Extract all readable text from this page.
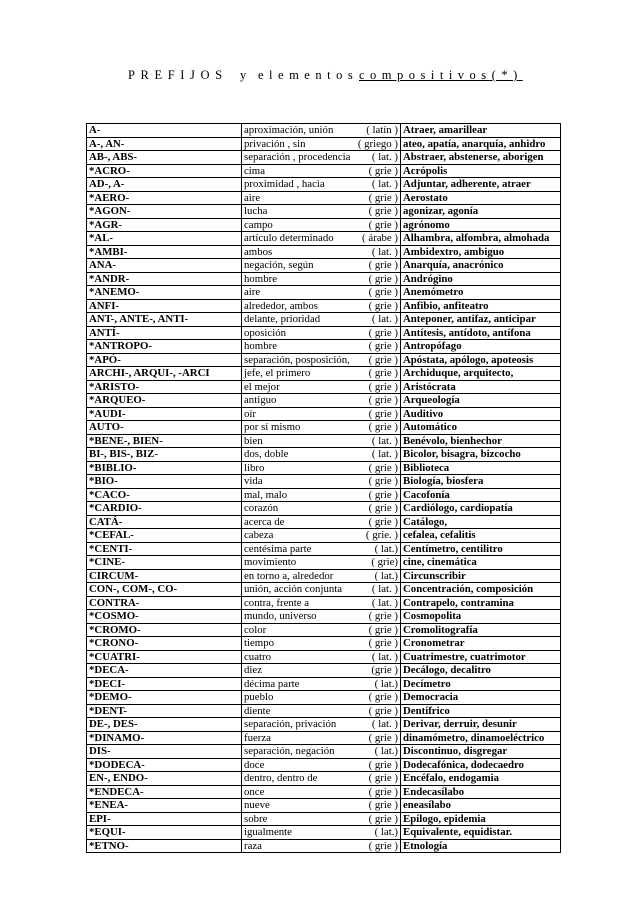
PREFIJOS y elementos compositivos(*)
A-	aproximación, unión ( latín )	Atraer, amarillear
A-, AN-	privación , sin ( griego )	ateo, apatía, anarquía, anhidro
AB-, ABS-	separación , procedencia ( lat. )	Abstraer, abstenerse, aborigen
*ACRO-	cima ( grie )	Acrópolis
AD-, A-	proximidad , hacia ( lat. )	Adjuntar, adherente, atraer
*AERO-	aire ( grie )	Aerostato
*AGON-	lucha ( grie )	agonizar, agonía
*AGR-	campo ( grie )	agrónomo
*AL-	artículo determinado ( árabe )	Alhambra, alfombra, almohada
*AMBI-	ambos ( lat. )	Ambidextro, ambiguo
ANA-	negación, según ( grie )	Anarquía, anacrónico
*ANDR-	hombre ( grie )	Andrógino
*ANEMO-	aire ( grie )	Anemómetro
ANFI-	alrededor, ambos ( grie )	Anfibio, anfiteatro
ANT-, ANTE-, ANTI-	delante, prioridad ( lat. )	Anteponer, antifaz, anticipar
ANTÍ-	oposición ( grie )	Antítesis, antídoto, antífona
*ANTROPO-	hombre ( grie )	Antropófago
*APÓ-	separación, posposición, ( grie )	Apóstata, apólogo, apoteosis
ARCHI-, ARQUI-, -ARCI	jefe, el primero ( grie )	Archiduque, arquitecto,
*ARISTO-	el mejor ( grie )	Aristócrata
*ARQUEO-	antiguo ( grie )	Arqueología
*AUDI-	oír ( grie )	Auditivo
AUTO-	por sí mismo ( grie )	Automático
*BENE-, BIEN-	bien ( lat. )	Benévolo, bienhechor
BI-, BIS-, BIZ-	dos, doble ( lat. )	Bicolor, bisagra, bizcocho
*BIBLIO-	libro ( grie )	Biblioteca
*BIO-	vida ( grie )	Biología, biosfera
*CACO-	mal, malo ( grie )	Cacofonía
*CARDIO-	corazón ( grie )	Cardiólogo, cardiopatía
CATÁ-	acerca de ( grie )	Catálogo,
*CEFAL-	cabeza ( grie. )	cefalea, cefalitis
*CENTI-	centésima parte ( lat.)	Centímetro, centilitro
*CINE-	movimiento ( grie)	cine, cinemática
CIRCUM-	en torno a, alrededor ( lat.)	Circunscribir
CON-, COM-, CO-	unión, acción conjunta ( lat. )	Concentración, composición
CONTRA-	contra, frente a ( lat. )	Contrapelo, contramina
*COSMO-	mundo, universo ( grie )	Cosmopolita
*CROMO-	color ( grie )	Cromolitografía
*CRONO-	tiempo ( grie )	Cronometrar
*CUATRI-	cuatro ( lat. )	Cuatrimestre, cuatrimotor
*DECA-	diez (grie )	Decálogo, decalitro
*DECI-	décima parte ( lat.)	Decímetro
*DEMO-	pueblo ( grie )	Democracia
*DENT-	diente ( grie )	Dentífrico
DE-, DES-	separación, privación ( lat. )	Derivar, derruir, desunir
*DINAMO-	fuerza ( grie )	dinamómetro, dinamoeléctrico
DIS-	separación, negación ( lat.)	Discontinuo, disgregar
*DODECA-	doce ( grie )	Dodecafónica, dodecaedro
EN-, ENDO-	dentro, dentro de ( grie )	Encéfalo, endogamia
*ENDECA-	once ( grie )	Endecasílabo
*ENEA-	nueve ( grie )	eneasílabo
EPI-	sobre ( grie )	Epílogo, epidemia
*EQUI-	igualmente ( lat.)	Equivalente, equidistar.
*ETNO-	raza ( grie )	Etnología
